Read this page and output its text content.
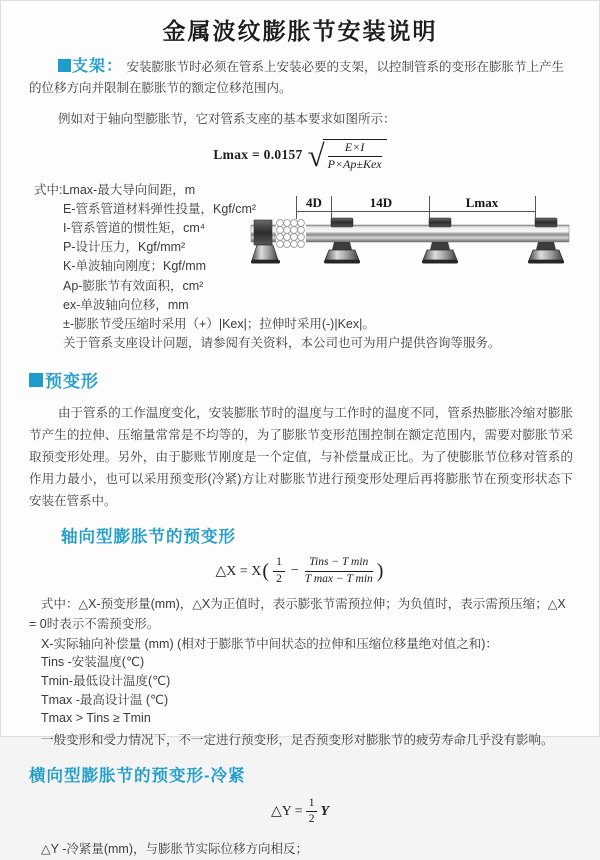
金属波纹膨胀节安装说明

支架： 安装膨胀节时必须在管系上安装必要的支架，以控制管系的变形在膨胀节上产生的位移方向并限制在膨胀节的额定位移范围内。

例如对于轴向型膨胀节，它对管系支座的基本要求如图所示：

Lmax = 0.0157 √ $\frac{E\times I}{\text{P×Ap±Kex}}$
式中:Lmax-最大导向间距，m
E-管系管道材料弹性投量，Kgf/cm²
I-管系管道的惯性矩，cm⁴
P-设计压力，Kgf/mm²
K-单波轴向刚度；Kgf/mm
Ap-膨胀节有效面积，cm²
ex-单波轴向位移，mm
±-膨胀节受压缩时采用（+）|Kex|；拉伸时采用(-)|Kex|。
关于管系支座设计问题，请参阅有关资料，本公司也可为用户提供咨询等服务。
4D	14D	Lmax
预变形

由于管系的工作温度变化，安装膨胀节时的温度与工作时的温度不同，管系热膨胀冷缩对膨胀节产生的拉伸、压缩量常常是不均等的，为了膨胀节变形范围控制在额定范围内，需要对膨胀节采取预变形处理。另外，由于膨账节刚度是一个定值，与补偿量成正比。为了使膨胀节位移对管系的作用力最小，也可以采用预变形(冷紧)方让对膨胀节进行预变形处理后再将膨胀节在预变形状态下安装在管系中。

轴向型膨胀节的预变形
△X = X ( $\frac{1}{2} - \frac{\text{Tins − T min}}{\text{T max − T min}}$ )

式中：△X-预变形量(mm)，△X为正值时，表示膨张节需预拉伸；为负值时，表示需预压缩；△X = 0时表示不需预变形。

X-实际轴向补偿量 (mm) (相对于膨胀节中间状态的拉伸和压缩位移量绝对值之和)：
Tins -安装温度(℃)
Tmin-最低设计温度(℃)
Tmax -最高设计温 (℃)
Tmax > Tins ≥ Tmin

一般变形和受力情况下，不一定进行预变形，足否预变形对膨胀节的疲劳寿命几乎没有影响。

横向型膨胀节的预变形-冷紧
△Y = $\frac{1}{2}$ Y

△Y -冷紧量(mm)，与膨胀节实际位移方向相反；
